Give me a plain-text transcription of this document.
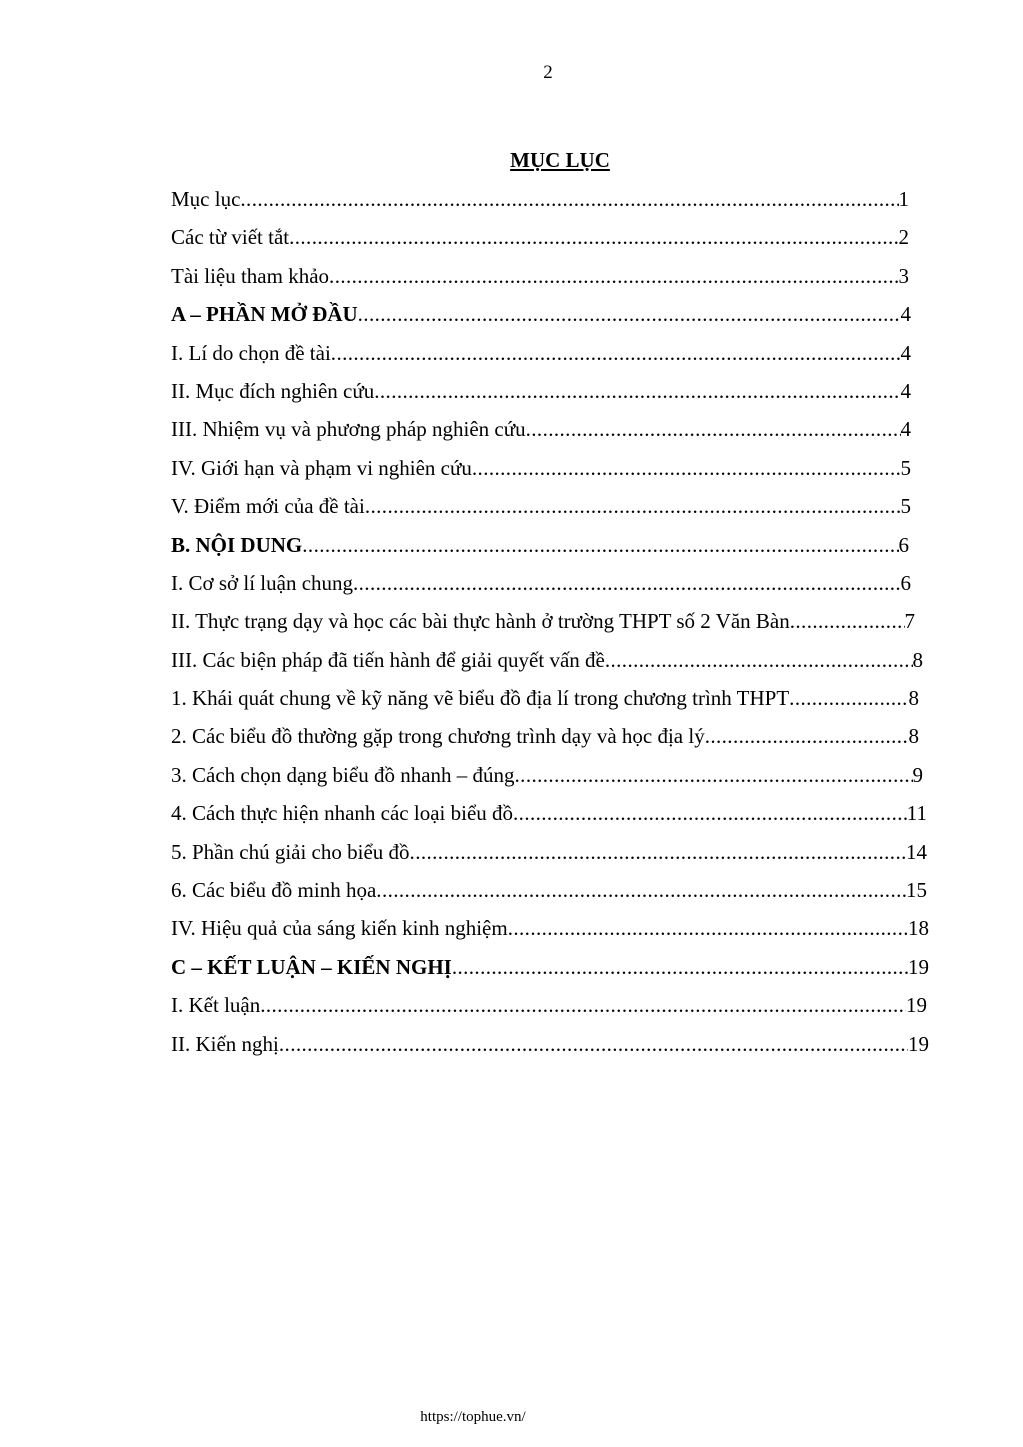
2
MỤC LỤC
Mục lục .....	1
Các từ viết tắt .....	2
Tài liệu tham khảo .....	3
A – PHẦN MỞ ĐẦU .....	4
I. Lí do chọn đề tài .....	4
II. Mục đích nghiên cứu .....	4
III. Nhiệm vụ và phương pháp nghiên cứu .....	4
IV. Giới hạn và phạm vi nghiên cứu .....	5
V. Điểm mới của đề tài .....	5
B. NỘI DUNG .....	6
I. Cơ sở lí luận chung .....	6
II. Thực trạng dạy và học các bài thực hành ở trường THPT số 2 Văn Bàn .....	7
III. Các biện pháp đã tiến hành để giải quyết vấn đề .....	8
1. Khái quát chung về kỹ năng vẽ biểu đồ địa lí trong chương trình THPT .....	8
2. Các biểu đồ thường gặp trong chương trình dạy và học địa lý .....	8
3. Cách chọn dạng biểu đồ nhanh – đúng .....	9
4. Cách thực hiện nhanh các loại biểu đồ .....	11
5. Phần chú giải cho biểu đồ .....	14
6. Các biểu đồ minh họa .....	15
IV. Hiệu quả của sáng kiến kinh nghiệm .....	18
C – KẾT LUẬN – KIẾN NGHỊ .....	19
I. Kết luận .....	19
II. Kiến nghị .....	19
https://tophue.vn/
